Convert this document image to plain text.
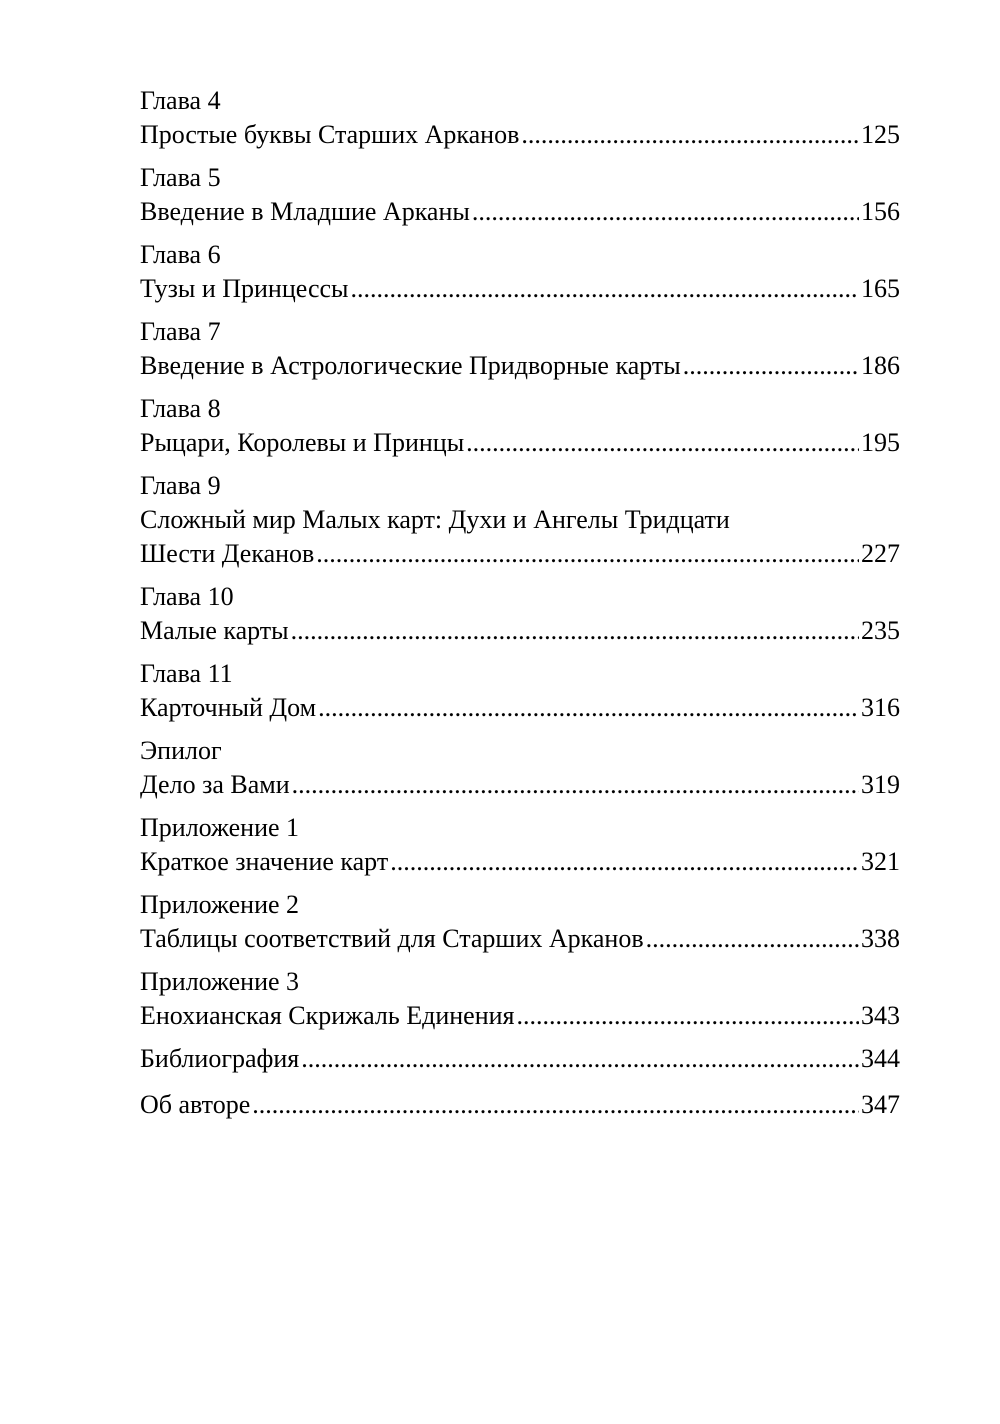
Глава 4
Простые буквы Старших Арканов .....	125
Глава 5
Введение в Младшие Арканы .....	156
Глава 6
Тузы и Принцессы .....	165
Глава 7
Введение в Астрологические Придворные карты .....	186
Глава 8
Рыцари, Королевы и Принцы .....	195
Глава 9
Сложный мир Малых карт: Духи и Ангелы Тридцати
Шести Деканов .....	227
Глава 10
Малые карты .....	235
Глава 11
Карточный Дом .....	316
Эпилог
Дело за Вами .....	319
Приложение 1
Краткое значение карт .....	321
Приложение 2
Таблицы соответствий для Старших Арканов .....	338
Приложение 3
Енохианская Скрижаль Единения .....	343
Библиография .....	344
Об авторе .....	347
